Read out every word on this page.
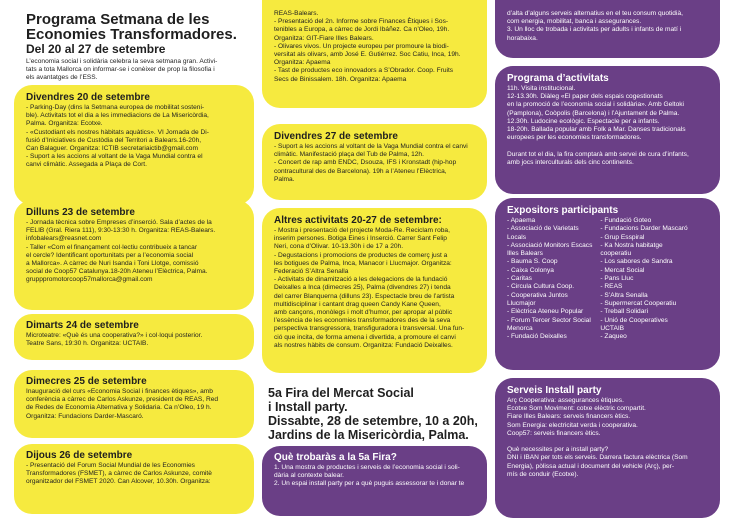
Programa Setmana de les
Economies Transformadores.
Del 20 al 27 de setembre
L’economia social i solidària celebra la seva setmana gran. Activi-
tats a tota Mallorca on informar-se i conèixer de prop la filosofia i
els avantatges de l’ESS.
Divendres 20 de setembre
- Parking-Day (dins la Setmana europea de mobilitat sosteni-
ble). Activitats tot el dia a les immediacions de La Misericòrdia,
Palma. Organitza: Ecotxe.
- «Custodiant els nostres hàbitats aquàtics». VI Jornada de Di-
fusió d’Iniciatives de Custòdia del Territori a Balears.16-20h,
Can Balaguer. Organitza: ICTIB secretariaictib@gmail.com
- Suport a les accions al voltant de la Vaga Mundial contra el
canvi climàtic. Assegada a Plaça de Cort.
Dilluns 23 de setembre
- Jornada tècnica sobre Empreses d’inserció. Sala d’actes de la
FELIB (Gral. Riera 111), 9:30-13:30 h. Organitza: REAS-Balears.
infobalears@reasnet.com
- Taller «Com el finançament col·lectiu contribueix a tancar
el cercle? Identificant oportunitats per a l’economia social
a Mallorca». A càrrec de Nuri Isanda i Toni Llotge, comissió
social de Coop57 Catalunya.18-20h Ateneu l’Elèctrica, Palma.
grupppromotorcoop57mallorca@gmail.com
Dimarts 24 de setembre
Microteatre: «Què és una cooperativa?» i col·loqui posterior.
Teatre Sans, 19:30 h. Organitza: UCTAIB.
Dimecres 25 de setembre
Inauguració del curs «Economia Social i finances ètiques», amb
conferència a càrrec de Carlos Askunze, president de REAS, Red
de Redes de Economía Alternativa y Solidaria. Ca n’Oleo, 19 h.
Organitza: Fundacions Darder-Mascaró.
Dijous 26 de setembre
- Presentació del Forum Social Mundial de les Economies
Transformadores (FSMET), a càrrec de Carlos Askunze, comitè
organitzador del FSMET 2020. Can Alcover, 10.30h. Organitza:
REAS-Balears.
- Presentació del 2n. Informe sobre Finances Ètiques i Sos-
tenibles a Europa, a càrrec de Jordi Ibáñez. Ca n’Oleo, 19h.
Organitza: GIT-Fiare Illes Balears.
- Olivares vivos. Un projecte europeu per promoure la biodi-
versitat als olivars, amb José E. Gutiérrez. Soc Catiu, Inca, 19h.
Organitza: Apaema
- Tast de productes eco innovadors a S’Obrador. Coop. Fruits
Secs de Binissalem. 18h. Organitza: Apaema
Divendres 27 de setembre
- Suport a les accions al voltant de la Vaga Mundial contra el canvi
climàtic. Manifestació plaça del Tub de Palma, 12h.
- Concert de rap amb ENDC, Dsouza, IFS i Kronstadt (hip-hop
contracultural des de Barcelona). 19h a l’Ateneu l’Elèctrica,
Palma.
Altres activitats 20-27 de setembre:
- Mostra i presentació del projecte Moda-Re. Reciclam roba,
inserim persones. Botiga Eines i Inserció. Carrer Sant Felip
Neri, cona d’Olivar. 10-13.30h i de 17 a 20h.
- Degustacions i promocions de productes de comerç just a
les botigues de Palma, Inca, Manacor i Llucmajor. Organitza:
Federació S’Altra Senalla
- Activitats de dinamització a les delegacions de la fundació
Deixalles a Inca (dimecres 25), Palma (divendres 27) i tenda
del carrer Blanquerna (dilluns 23). Espectacle breu de l’artista
multidisciplinar i cantant drag queen Candy Kane Queen,
amb cançons, monòlegs i molt d’humor, per apropar al públic
l’essència de les economies transformadores des de la seva
perspectiva transgressora, transfiguradora i transversal. Una fun-
ció que incita, de forma amena i divertida, a promoure el canvi
als nostres hàbits de consum. Organitza: Fundació Deixalles.
5a Fira del Mercat Social
i Install party.
Dissabte, 28 de setembre, 10 a 20h,
Jardins de la Misericòrdia, Palma.
Què trobaràs a la 5a Fira?
1. Una mostra de productes i serveis de l’economia social i soli-
dària al contexte balear.
2. Un espai install party per a què puguis assessorar te i donar te
d’alta d’alguns serveis alternatius en el teu consum quotidià,
com energia, mobilitat, banca i assegurances.
3. Un lloc de trobada i activitats per adults i infants de matí i
horabaixa.
Programa d’activitats
11h. Visita institucional.
12-13.30h. Diàleg «El paper dels espais cogestionats
en la promoció de l’economia social i solidària». Amb Geltoki
(Pamplona), Coòpolis (Barcelona) i l’Ajuntament de Palma.
12.30h. Ludocine ecològic. Espectacle per a infants.
18-20h. Ballada popular amb Folk a Mar. Danses tradicionals
europees per les economies transformadores.

Durant tot el dia, la fira comptarà amb servei de cura d’infants,
amb jocs interculturals dels cinc continents.
Expositors participants
- Apaema
- Associació de Varietats
Locals
- Associació Monitors Escacs
Illes Balears
- Bauma S. Coop
- Caixa Colonya
- Caritas
- Circula Cultura Coop.
- Cooperativa Juntos
Llucmajor
- Elèctrica Ateneu Popular
- Forum Tercer Sector Social
Menorca
- Fundació Deixalles
- Fundació Goteo
- Fundacions Darder Mascaró
- Grup Esspiral
- Ka Nostra habitatge
cooperatiu
- Los sabores de Sandra
- Mercat Social
- Pans Lluc
- REAS
- S’Altra Senalla
- Supermercat Cooperatiu
- Treball Solidari
- Unió de Cooperatives
UCTAIB
- Zaqueo
Serveis Install party
Arç Cooperativa: assegurances ètiques.
Ecotxe Som Moviment: cotxe elèctric compartit.
Fiare Illes Balears: serveis financers ètics.
Som Energia: electricitat verda i cooperativa.
Coop57: serveis financers ètics.

Què necessites per a install party?
DNI i IBAN per tots els serveis. Darrera factura elèctrica (Som
Energia), pòlissa actual i document del vehicle (Arç), per-
mís de conduir (Ecotxe).
